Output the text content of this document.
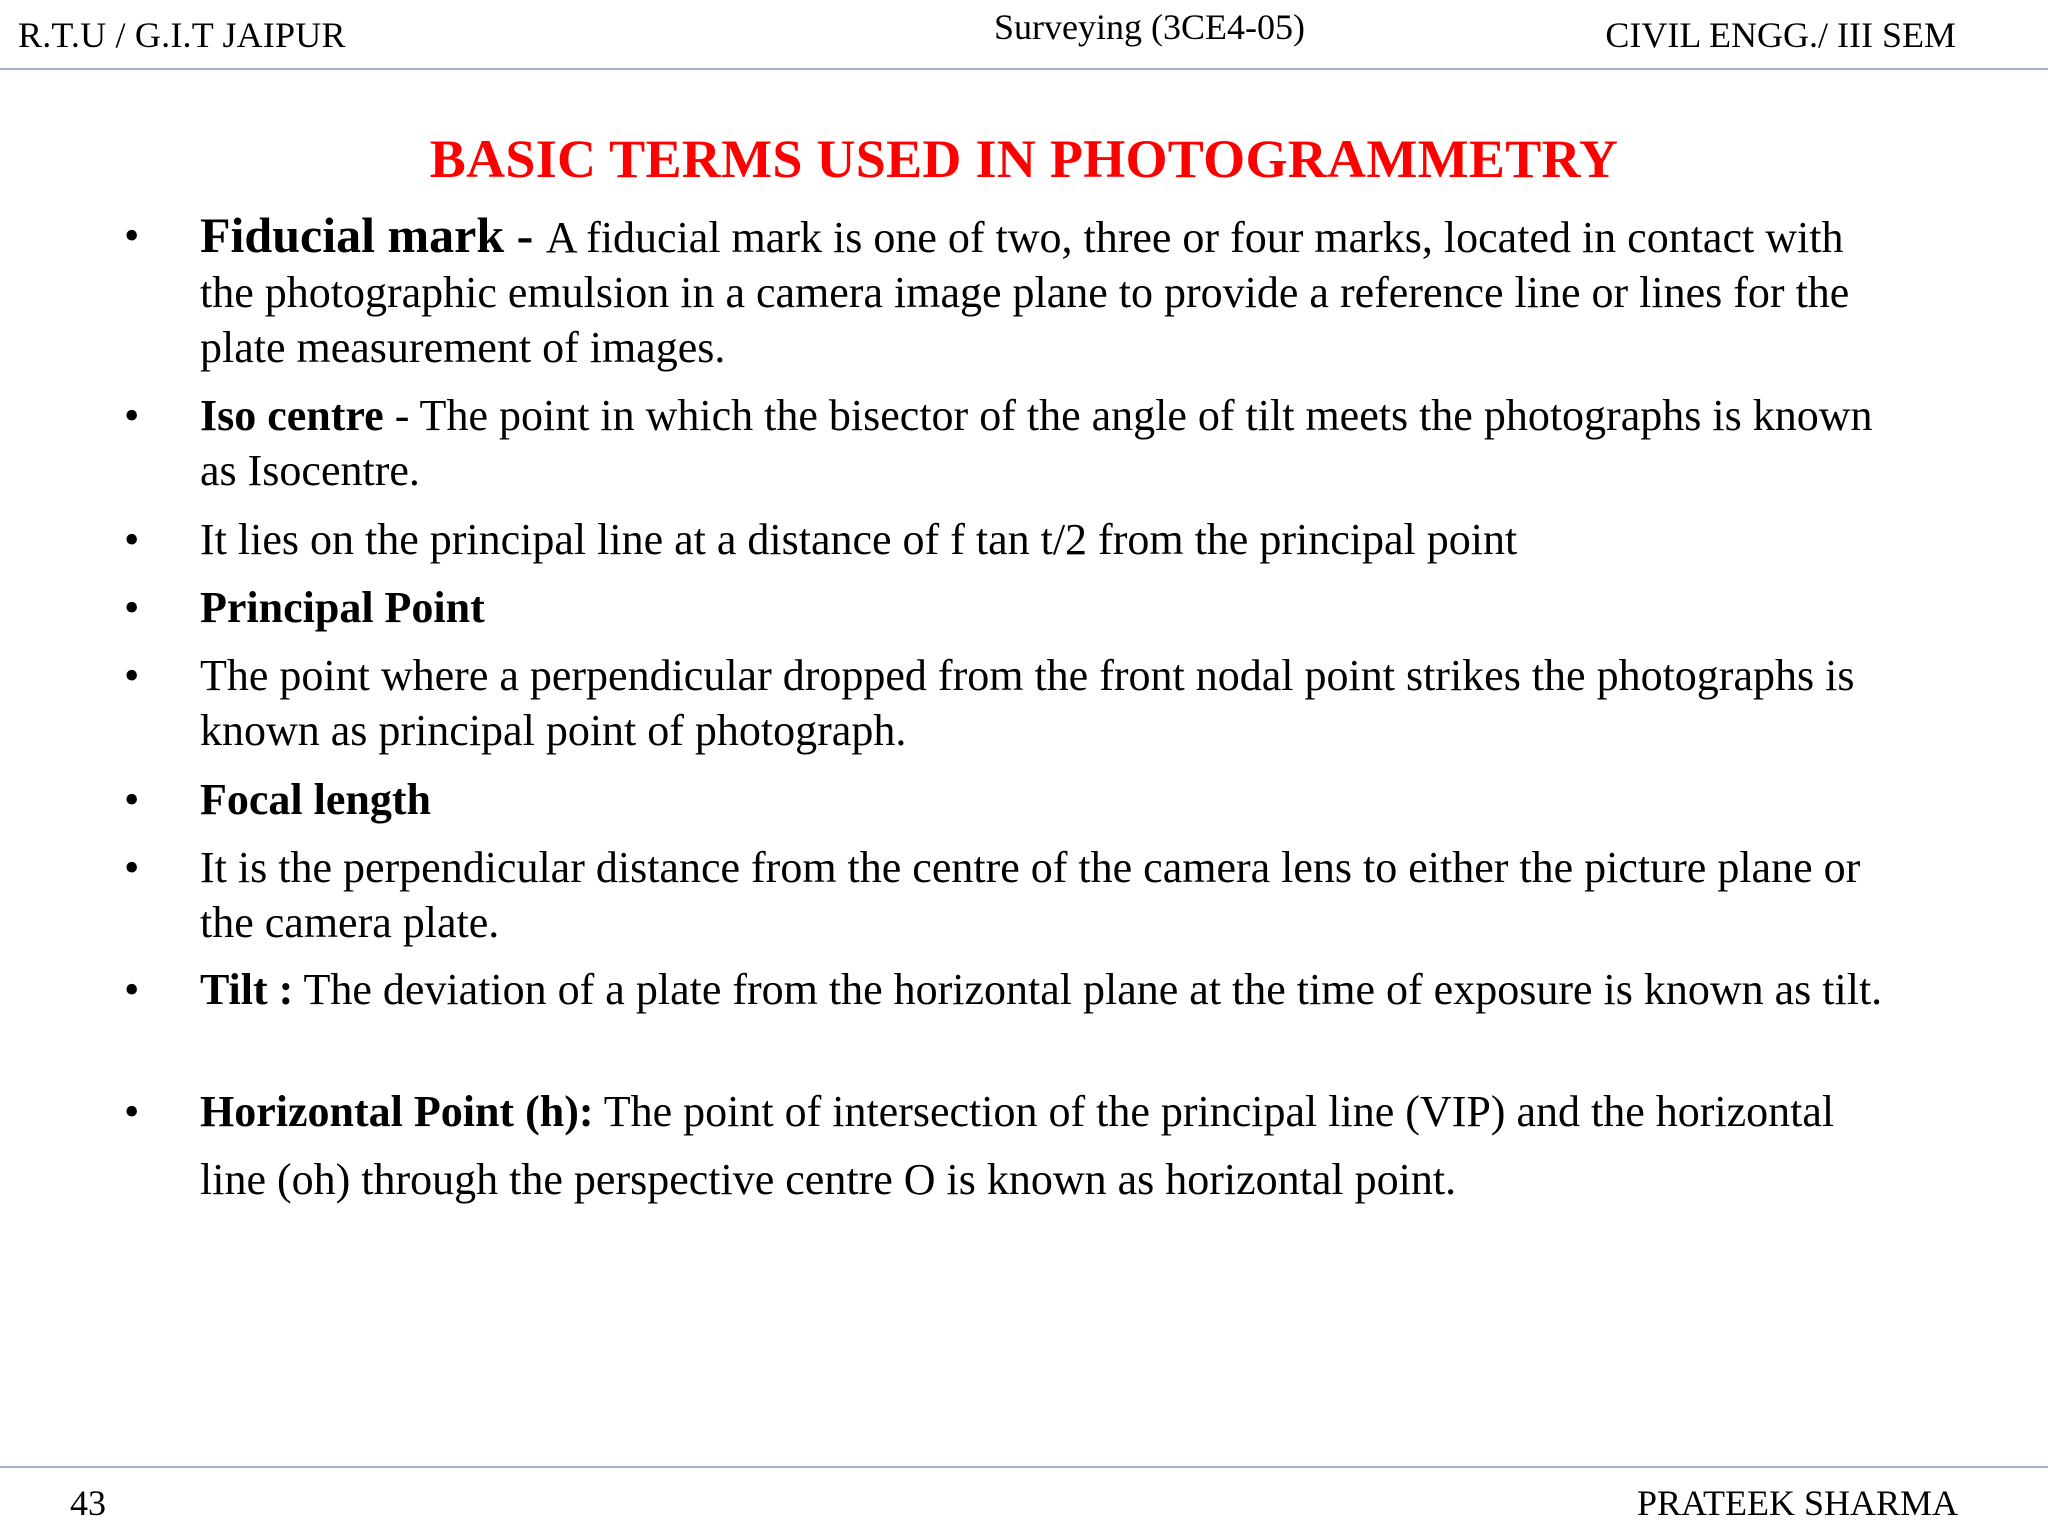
R.T.U / G.I.T JAIPUR	Surveying (3CE4-05)	CIVIL ENGG./ III SEM
BASIC TERMS USED IN PHOTOGRAMMETRY
• Fiducial mark - A fiducial mark is one of two, three or four marks, located in contact with the photographic emulsion in a camera image plane to provide a reference line or lines for the plate measurement of images.
• Iso centre - The point in which the bisector of the angle of tilt meets the photographs is known as Isocentre.
• It lies on the principal line at a distance of f tan t/2 from the principal point
• Principal Point
• The point where a perpendicular dropped from the front nodal point strikes the photographs is known as principal point of photograph.
• Focal length
• It is the perpendicular distance from the centre of the camera lens to either the picture plane or the camera plate.
• Tilt : The deviation of a plate from the horizontal plane at the time of exposure is known as tilt.
• Horizontal Point (h): The point of intersection of the principal line (VIP) and the horizontal line (oh) through the perspective centre O is known as horizontal point.
43	PRATEEK SHARMA
